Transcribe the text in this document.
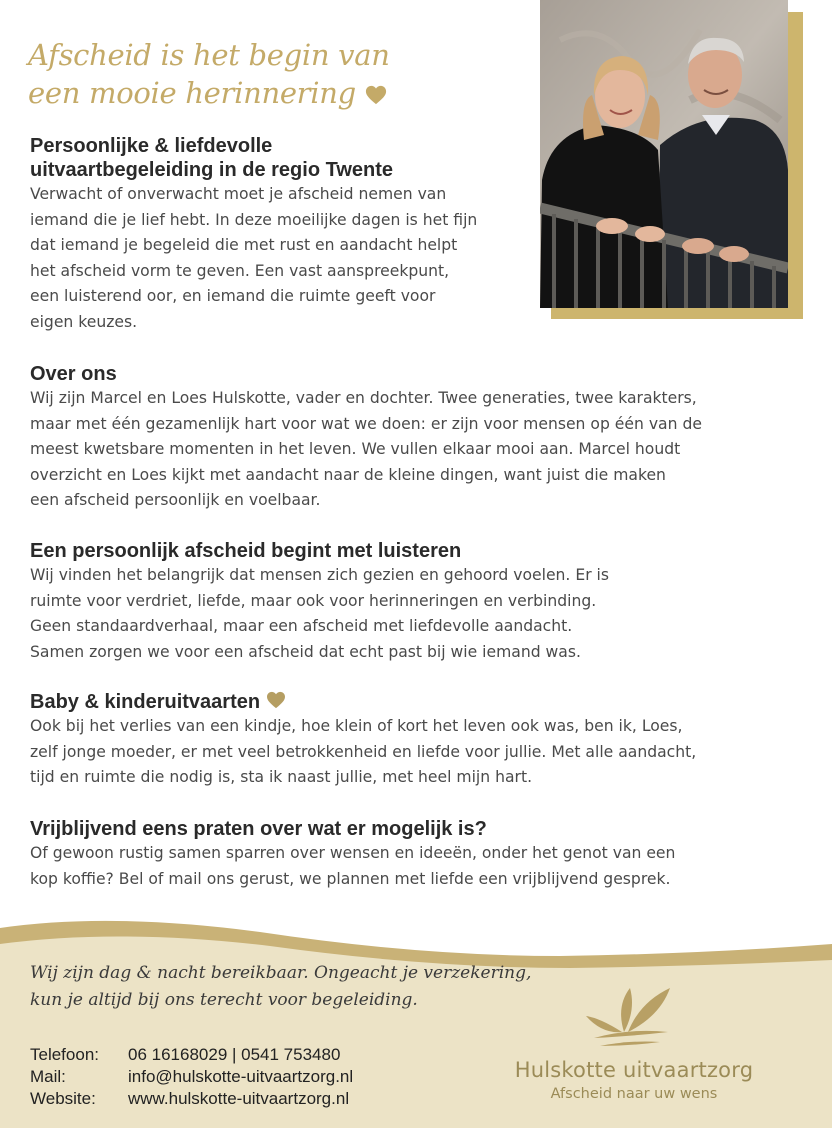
Afscheid is het begin van
een mooie herinnering
Persoonlijke & liefdevolle
uitvaartbegeleiding in de regio Twente

Verwacht of onverwacht moet je afscheid nemen van
iemand die je lief hebt. In deze moeilijke dagen is het fijn
dat iemand je begeleid die met rust en aandacht helpt
het afscheid vorm te geven. Een vast aanspreekpunt,
een luisterend oor, en iemand die ruimte geeft voor
eigen keuzes.

Over ons

Wij zijn Marcel en Loes Hulskotte, vader en dochter. Twee generaties, twee karakters,
maar met één gezamenlijk hart voor wat we doen: er zijn voor mensen op één van de
meest kwetsbare momenten in het leven. We vullen elkaar mooi aan. Marcel houdt
overzicht en Loes kijkt met aandacht naar de kleine dingen, want juist die maken
een afscheid persoonlijk en voelbaar.

Een persoonlijk afscheid begint met luisteren

Wij vinden het belangrijk dat mensen zich gezien en gehoord voelen. Er is
ruimte voor verdriet, liefde, maar ook voor herinneringen en verbinding.
Geen standaardverhaal, maar een afscheid met liefdevolle aandacht.
Samen zorgen we voor een afscheid dat echt past bij wie iemand was.

Baby & kinderuitvaarten

Ook bij het verlies van een kindje, hoe klein of kort het leven ook was, ben ik, Loes,
zelf jonge moeder, er met veel betrokkenheid en liefde voor jullie. Met alle aandacht,
tijd en ruimte die nodig is, sta ik naast jullie, met heel mijn hart.

Vrijblijvend eens praten over wat er mogelijk is?

Of gewoon rustig samen sparren over wensen en ideeën, onder het genot van een
kop koffie? Bel of mail ons gerust, we plannen met liefde een vrijblijvend gesprek.

Wij zijn dag & nacht bereikbaar. Ongeacht je verzekering,
kun je altijd bij ons terecht voor begeleiding.
Telefoon:	06 16168029 | 0541 753480
Mail:	info@hulskotte-uitvaartzorg.nl
Website:	www.hulskotte-uitvaartzorg.nl
Hulskotte uitvaartzorg
Afscheid naar uw wens
